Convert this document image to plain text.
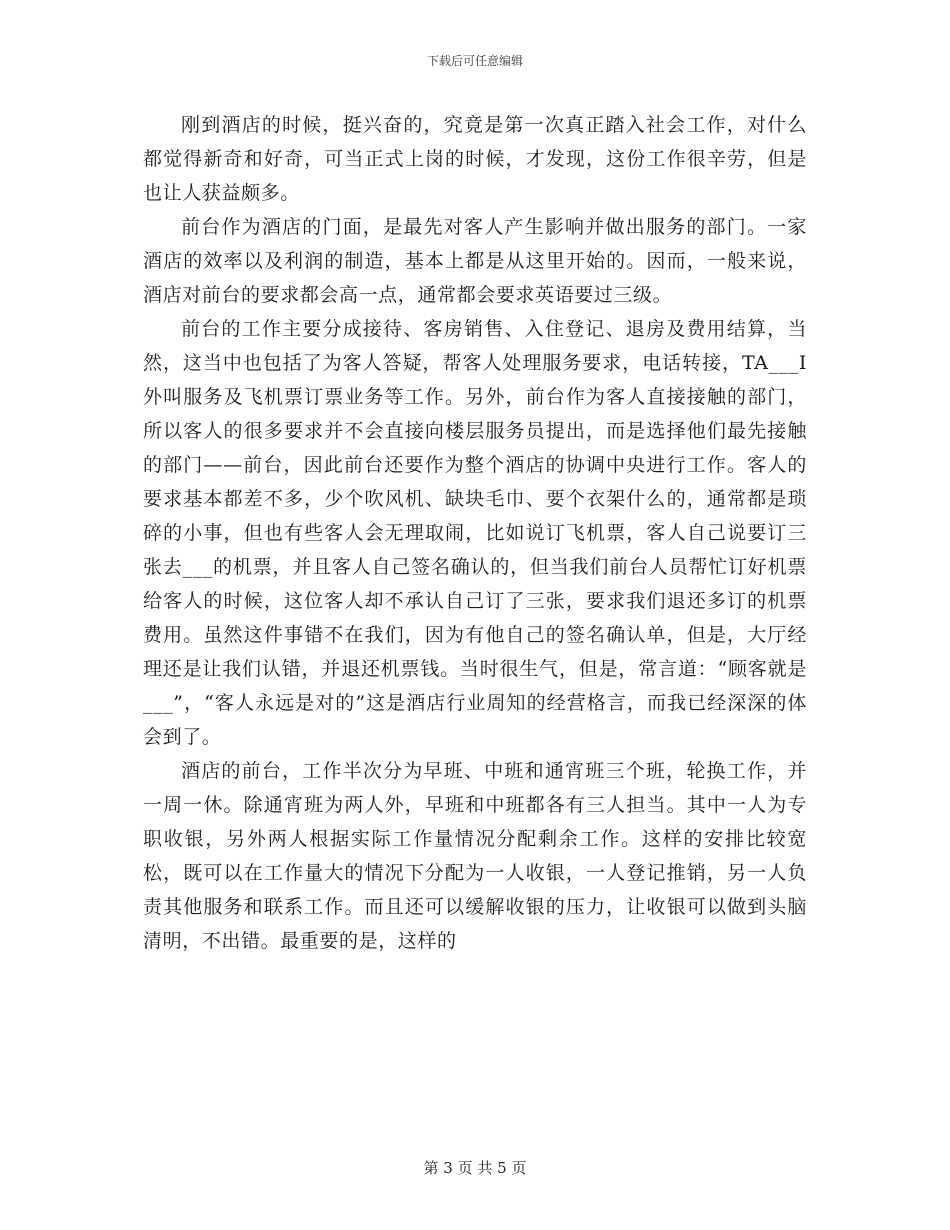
下载后可任意编辑

刚到酒店的时候，挺兴奋的，究竟是第一次真正踏入社会工作，对什么都觉得新奇和好奇，可当正式上岗的时候，才发现，这份工作很辛劳，但是也让人获益颇多。

前台作为酒店的门面，是最先对客人产生影响并做出服务的部门。一家酒店的效率以及利润的制造，基本上都是从这里开始的。因而，一般来说，酒店对前台的要求都会高一点，通常都会要求英语要过三级。

前台的工作主要分成接待、客房销售、入住登记、退房及费用结算，当然，这当中也包括了为客人答疑，帮客人处理服务要求，电话转接，TA___I外叫服务及飞机票订票业务等工作。另外，前台作为客人直接接触的部门，所以客人的很多要求并不会直接向楼层服务员提出，而是选择他们最先接触的部门——前台，因此前台还要作为整个酒店的协调中央进行工作。客人的要求基本都差不多，少个吹风机、缺块毛巾、要个衣架什么的，通常都是琐碎的小事，但也有些客人会无理取闹，比如说订飞机票，客人自己说要订三张去___的机票，并且客人自己签名确认的，但当我们前台人员帮忙订好机票给客人的时候，这位客人却不承认自己订了三张，要求我们退还多订的机票费用。虽然这件事错不在我们，因为有他自己的签名确认单，但是，大厅经理还是让我们认错，并退还机票钱。当时很生气，但是，常言道：“顾客就是___”，“客人永远是对的”这是酒店行业周知的经营格言，而我已经深深的体会到了。

酒店的前台，工作半次分为早班、中班和通宵班三个班，轮换工作，并一周一休。除通宵班为两人外，早班和中班都各有三人担当。其中一人为专职收银，另外两人根据实际工作量情况分配剩余工作。这样的安排比较宽松，既可以在工作量大的情况下分配为一人收银，一人登记推销，另一人负责其他服务和联系工作。而且还可以缓解收银的压力，让收银可以做到头脑清明，不出错。最重要的是，这样的

第 3 页 共 5 页
